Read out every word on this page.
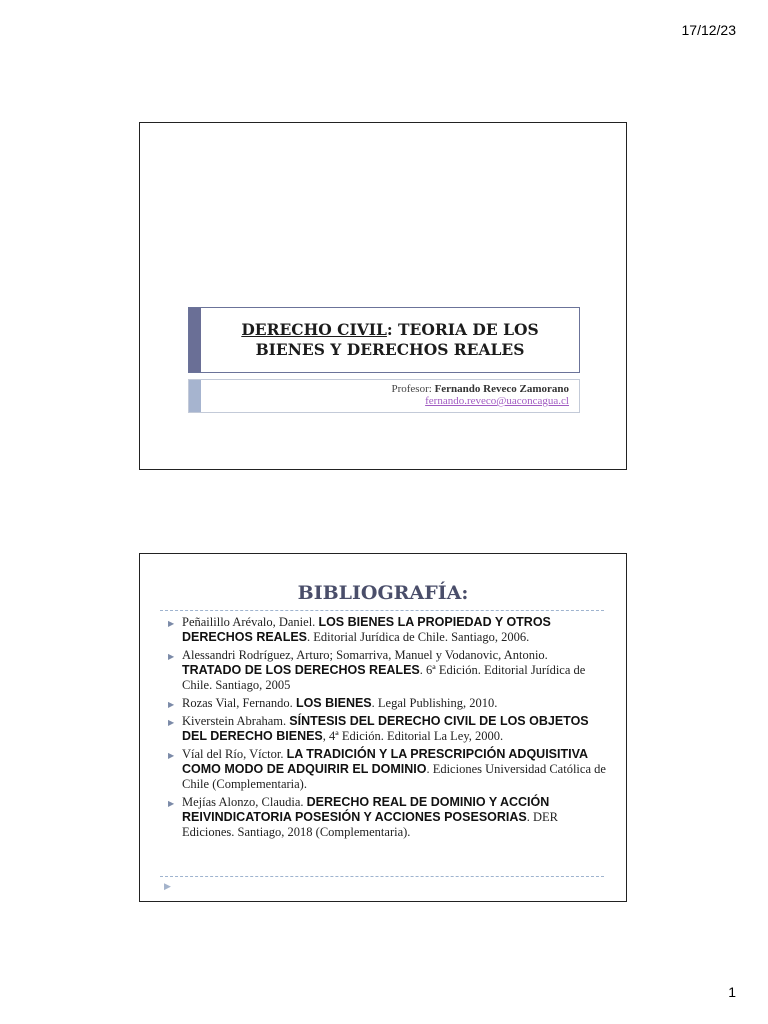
17/12/23
DERECHO CIVIL: TEORIA DE LOS
BIENES Y DERECHOS REALES
Profesor: Fernando Reveco Zamorano
fernando.reveco@uaconcagua.cl
BIBLIOGRAFÍA:
▶ Peñailillo Arévalo, Daniel. LOS BIENES LA PROPIEDAD Y OTROS DERECHOS REALES. Editorial Jurídica de Chile. Santiago, 2006.
▶ Alessandri Rodríguez, Arturo; Somarriva, Manuel y Vodanovic, Antonio. TRATADO DE LOS DERECHOS REALES. 6ª Edición. Editorial Jurídica de Chile. Santiago, 2005
▶ Rozas Vial, Fernando. LOS BIENES. Legal Publishing, 2010.
▶ Kiverstein Abraham. SÍNTESIS DEL DERECHO CIVIL DE LOS OBJETOS DEL DERECHO BIENES, 4ª Edición. Editorial La Ley, 2000.
▶ Víal del Río, Víctor. LA TRADICIÓN Y LA PRESCRIPCIÓN ADQUISITIVA COMO MODO DE ADQUIRIR EL DOMINIO. Ediciones Universidad Católica de Chile (Complementaria).
▶ Mejías Alonzo, Claudia. DERECHO REAL DE DOMINIO Y ACCIÓN REIVINDICATORIA POSESIÓN Y ACCIONES POSESORIAS. DER Ediciones. Santiago, 2018 (Complementaria).
▶
1
